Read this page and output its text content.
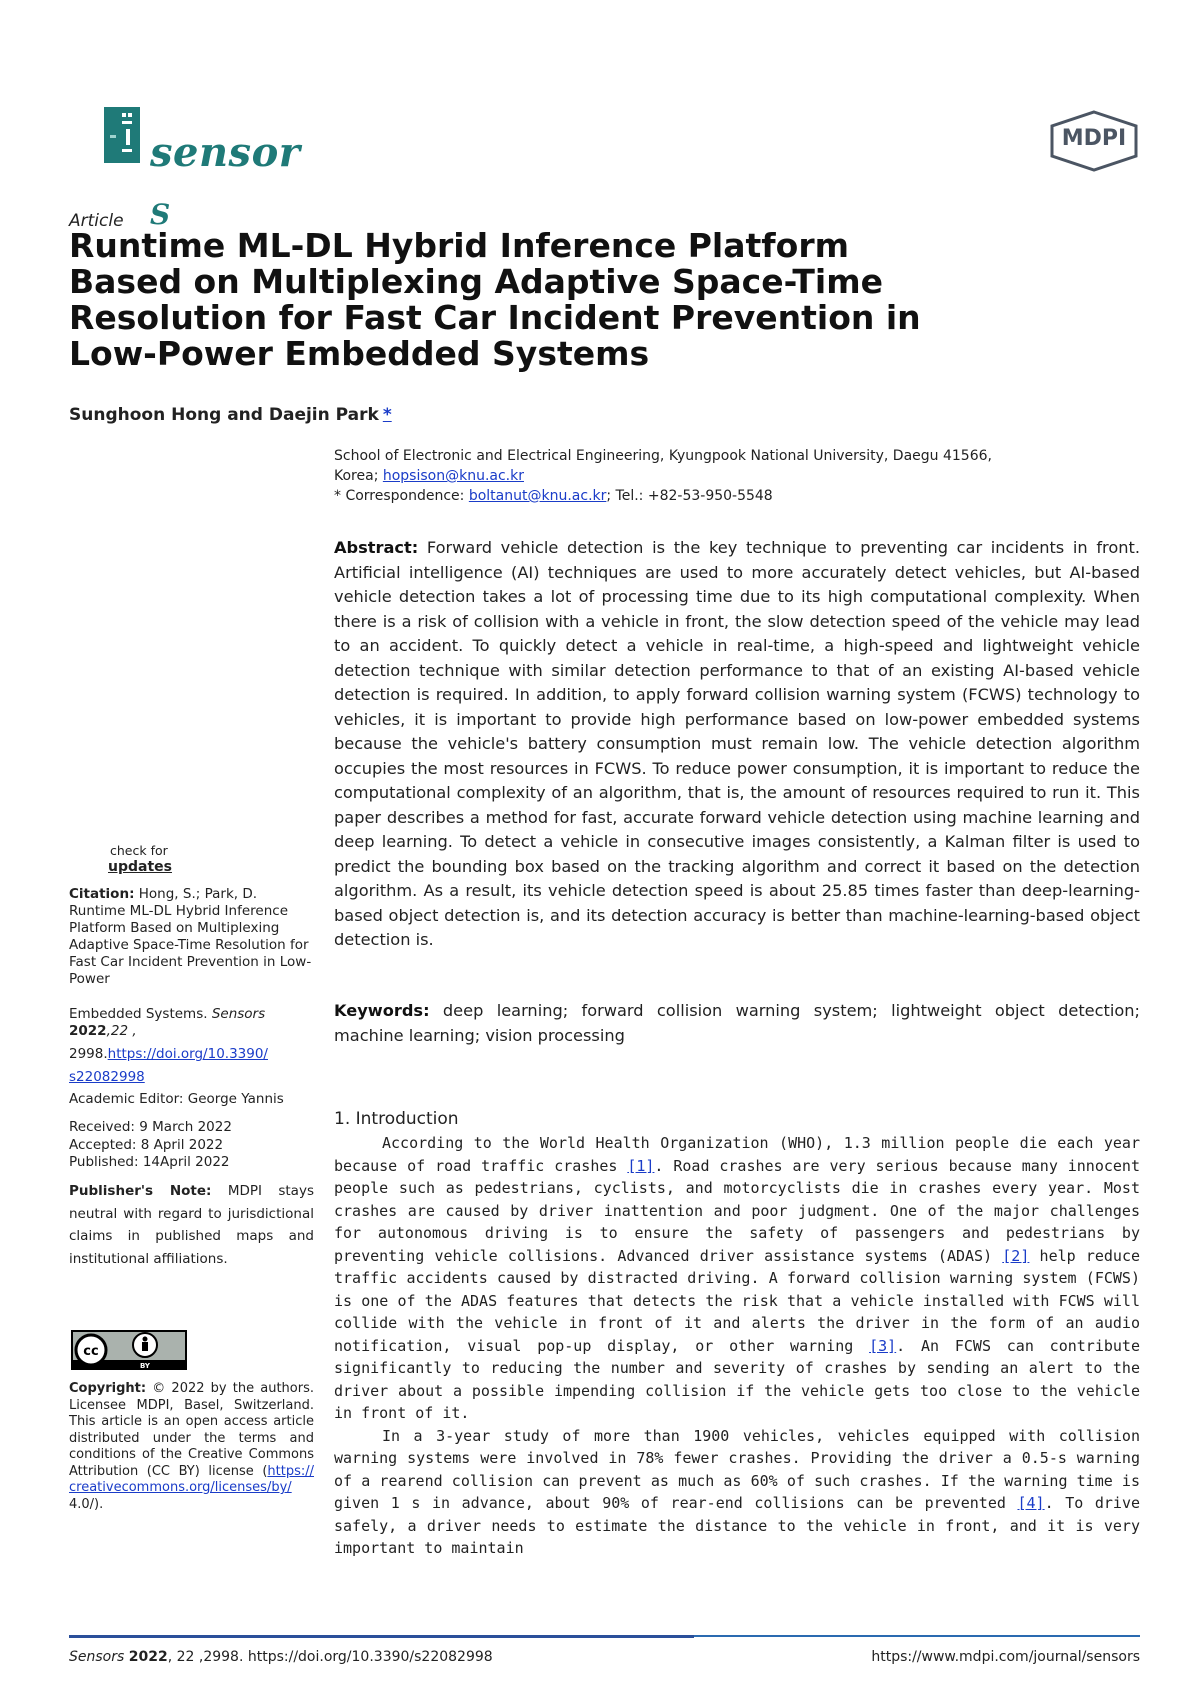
sensor	MDPI
Article S
Runtime ML-DL Hybrid Inference Platform
Based on Multiplexing Adaptive Space-Time
Resolution for Fast Car Incident Prevention in
Low-Power Embedded Systems
Sunghoon Hong and Daejin Park *
School of Electronic and Electrical Engineering, Kyungpook National University, Daegu 41566,
Korea; hopsison@knu.ac.kr
* Correspondence: boltanut@knu.ac.kr; Tel.: +82-53-950-5548
Abstract: Forward vehicle detection is the key technique to preventing car incidents in front. Artificial intelligence (AI) techniques are used to more accurately detect vehicles, but AI-based vehicle detection takes a lot of processing time due to its high computational complexity. When there is a risk of collision with a vehicle in front, the slow detection speed of the vehicle may lead to an accident. To quickly detect a vehicle in real-time, a high-speed and lightweight vehicle detection technique with similar detection performance to that of an existing AI-based vehicle detection is required. In addition, to apply forward collision warning system (FCWS) technology to vehicles, it is important to provide high performance based on low-power embedded systems because the vehicle's battery consumption must remain low. The vehicle detection algorithm occupies the most resources in FCWS. To reduce power consumption, it is important to reduce the computational complexity of an algorithm, that is, the amount of resources required to run it. This paper describes a method for fast, accurate forward vehicle detection using machine learning and deep learning. To detect a vehicle in consecutive images consistently, a Kalman filter is used to predict the bounding box based on the tracking algorithm and correct it based on the detection algorithm. As a result, its vehicle detection speed is about 25.85 times faster than deep-learning-based object detection is, and its detection accuracy is better than machine-learning-based object detection is.
Keywords: deep learning; forward collision warning system; lightweight object detection; machine learning; vision processing
1. Introduction

According to the World Health Organization (WHO), 1.3 million people die each year because of road traffic crashes [1]. Road crashes are very serious because many innocent people such as pedestrians, cyclists, and motorcyclists die in crashes every year. Most crashes are caused by driver inattention and poor judgment. One of the major challenges for autonomous driving is to ensure the safety of passengers and pedestrians by preventing vehicle collisions. Advanced driver assistance systems (ADAS) [2] help reduce traffic accidents caused by distracted driving. A forward collision warning system (FCWS) is one of the ADAS features that detects the risk that a vehicle installed with FCWS will collide with the vehicle in front of it and alerts the driver in the form of an audio notification, visual pop-up display, or other warning [3]. An FCWS can contribute significantly to reducing the number and severity of crashes by sending an alert to the driver about a possible impending collision if the vehicle gets too close to the vehicle in front of it.

In a 3-year study of more than 1900 vehicles, vehicles equipped with collision warning systems were involved in 78% fewer crashes. Providing the driver a 0.5-s warning of a rearend collision can prevent as much as 60% of such crashes. If the warning time is given 1 s in advance, about 90% of rear-end collisions can be prevented [4]. To drive safely, a driver needs to estimate the distance to the vehicle in front, and it is very important to maintain

check for
updates

Citation: Hong, S.; Park, D. Runtime ML-DL Hybrid Inference Platform Based on Multiplexing Adaptive Space-Time Resolution for Fast Car Incident Prevention in Low-Power

Embedded Systems. Sensors

2022,22 ,

2998.https://doi.org/10.3390/

s22082998

Academic Editor: George Yannis
Received: 9 March 2022
Accepted: 8 April 2022
Published: 14April 2022
Publisher's Note: MDPI stays neutral with regard to jurisdictional claims in published maps and institutional affiliations.
cc
BY
Copyright: © 2022 by the authors. Licensee MDPI, Basel, Switzerland. This article is an open access article distributed under the terms and conditions of the Creative Commons Attribution (CC BY) license (https:// creativecommons.org/licenses/by/
4.0/).
Sensors 2022, 22 ,2998. https://doi.org/10.3390/s22082998	https://www.mdpi.com/journal/sensors
